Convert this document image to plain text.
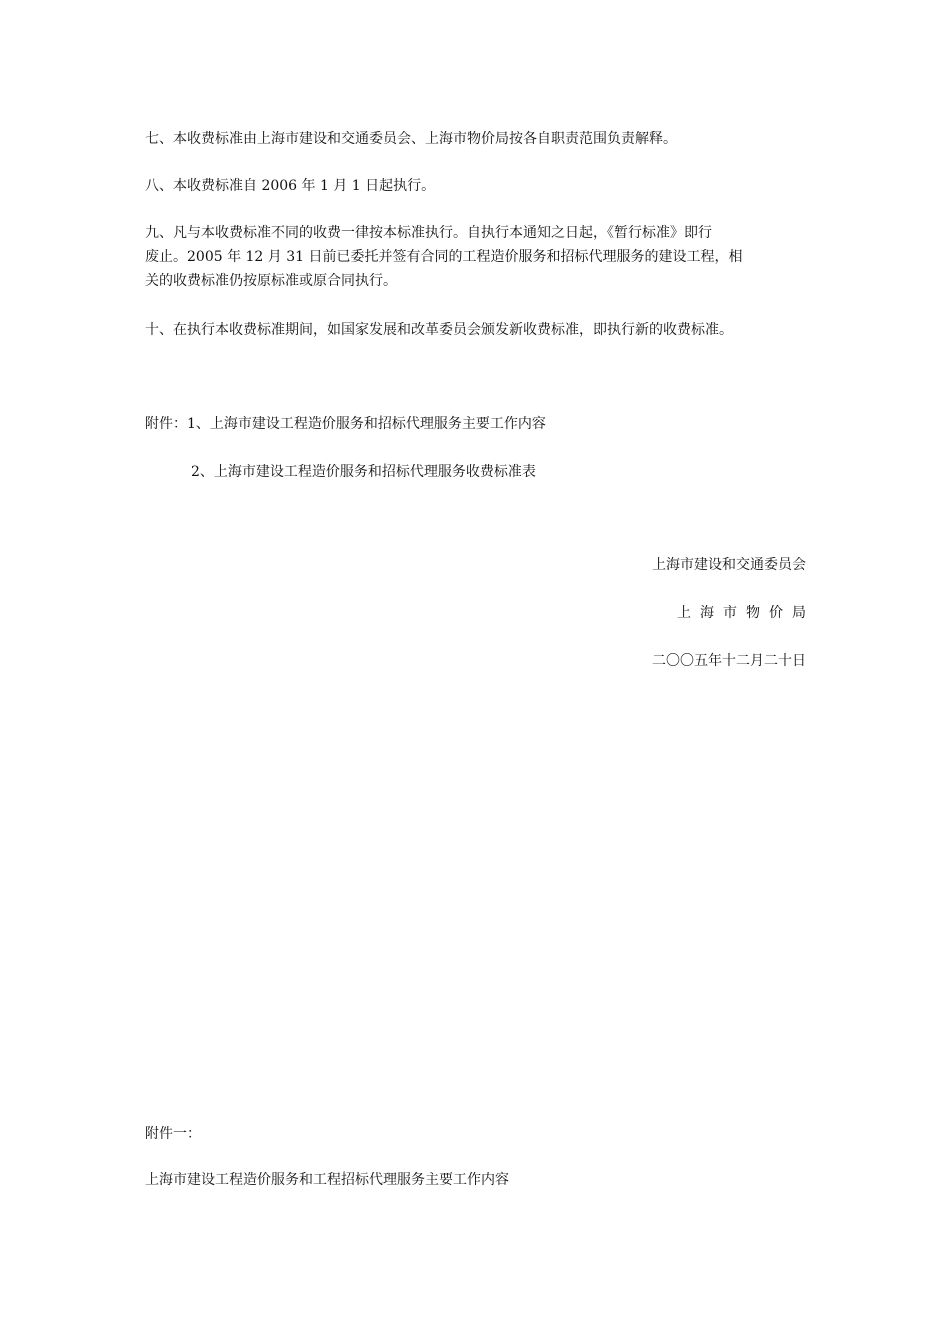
七、本收费标准由上海市建设和交通委员会、上海市物价局按各自职责范围负责解释。
八、本收费标准自 2006 年 1 月 1 日起执行。
九、凡与本收费标准不同的收费一律按本标准执行。自执行本通知之日起，《暂行标准》即行
废止。2005 年 12 月 31 日前已委托并签有合同的工程造价服务和招标代理服务的建设工程，相
关的收费标准仍按原标准或原合同执行。
十、在执行本收费标准期间，如国家发展和改革委员会颁发新收费标准，即执行新的收费标准。
附件：1、上海市建设工程造价服务和招标代理服务主要工作内容
2、上海市建设工程造价服务和招标代理服务收费标准表
上海市建设和交通委员会
上海市物价局
二〇〇五年十二月二十日
附件一：
上海市建设工程造价服务和工程招标代理服务主要工作内容
